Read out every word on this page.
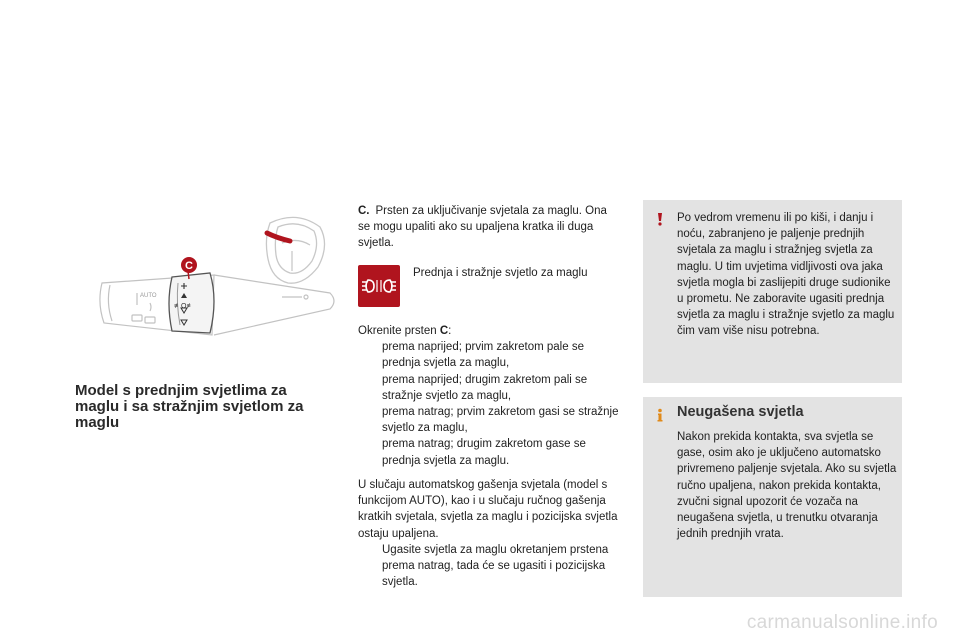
≢O≢
AUTO
C
Model s prednjim svjetlima za maglu i sa stražnjim svjetlom za maglu
C. Prsten za uključivanje svjetala za maglu. Ona se mogu upaliti ako su upaljena kratka ili duga svjetla.
Prednja i stražnje svjetlo za maglu
Okrenite prsten C:
prema naprijed; prvim zakretom pale se prednja svjetla za maglu,
prema naprijed; drugim zakretom pali se stražnje svjetlo za maglu,
prema natrag; prvim zakretom gasi se stražnje svjetlo za maglu,
prema natrag; drugim zakretom gase se prednja svjetla za maglu.
U slučaju automatskog gašenja svjetala (model s funkcijom AUTO), kao i u slučaju ručnog gašenja kratkih svjetala, svjetla za maglu i pozicijska svjetla ostaju upaljena.
Ugasite svjetla za maglu okretanjem prstena prema natrag, tada će se ugasiti i pozicijska svjetla.
Po vedrom vremenu ili po kiši, i danju i noću, zabranjeno je paljenje prednjih svjetala za maglu i stražnjeg svjetla za maglu. U tim uvjetima vidljivosti ova jaka svjetla mogla bi zaslijepiti druge sudionike u prometu. Ne zaboravite ugasiti prednja svjetla za maglu i stražnje svjetlo za maglu čim vam više nisu potrebna.
Neugašena svjetla
Nakon prekida kontakta, sva svjetla se gase, osim ako je uključeno automatsko privremeno paljenje svjetala. Ako su svjetla ručno upaljena, nakon prekida kontakta, zvučni signal upozorit će vozača na neugašena svjetla, u trenutku otvaranja jednih prednjih vrata.
carmanualsonline.info
